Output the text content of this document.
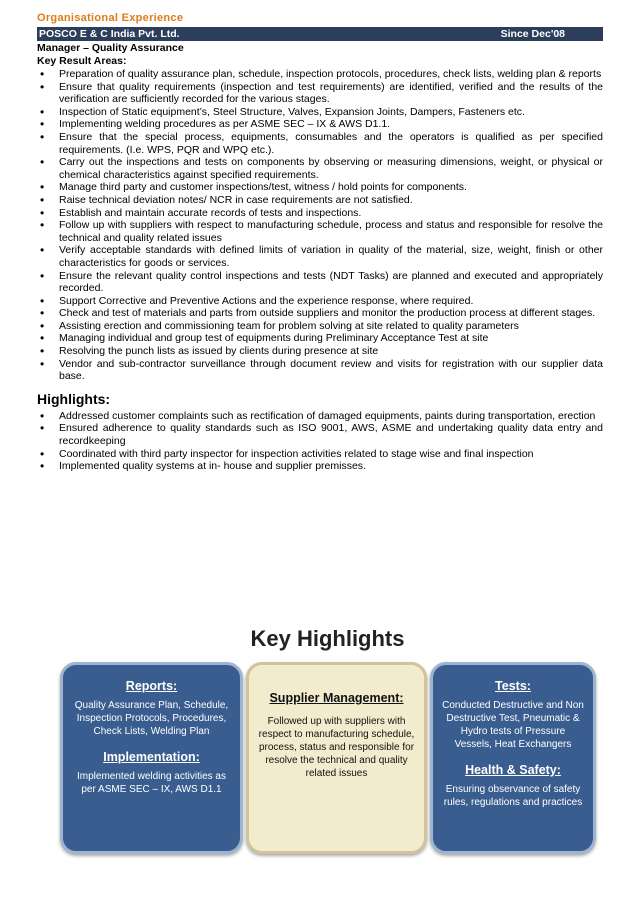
Organisational Experience
POSCO E & C India Pvt. Ltd.	Since Dec'08
Manager – Quality Assurance
Key Result Areas:
• Preparation of quality assurance plan, schedule, inspection protocols, procedures, check lists, welding plan & reports
• Ensure that quality requirements (inspection and test requirements) are identified, verified and the results of the verification are sufficiently recorded for the various stages.
• Inspection of Static equipment’s, Steel Structure, Valves, Expansion Joints, Dampers, Fasteners etc.
• Implementing welding procedures as per ASME SEC – IX & AWS D1.1.
• Ensure that the special process, equipments, consumables and the operators is qualified as per specified requirements. (I.e. WPS, PQR and WPQ etc.).
• Carry out the inspections and tests on components by observing or measuring dimensions, weight, or physical or chemical characteristics against specified requirements.
• Manage third party and customer inspections/test, witness / hold points for components.
• Raise technical deviation notes/ NCR in case requirements are not satisfied.
• Establish and maintain accurate records of tests and inspections.
• Follow up with suppliers with respect to manufacturing schedule, process and status and responsible for resolve the technical and quality related issues
• Verify acceptable standards with defined limits of variation in quality of the material, size, weight, finish or other characteristics for goods or services.
• Ensure the relevant quality control inspections and tests (NDT Tasks) are planned and executed and appropriately recorded.
• Support Corrective and Preventive Actions and the experience response, where required.
• Check and test of materials and parts from outside suppliers and monitor the production process at different stages.
• Assisting erection and commissioning team for problem solving at site related to quality parameters
• Managing individual and group test of equipments during Preliminary Acceptance Test at site
• Resolving the punch lists as issued by clients during presence at site
• Vendor and sub-contractor surveillance through document review and visits for registration with our supplier data base.
Highlights:
• Addressed customer complaints such as rectification of damaged equipments, paints during transportation, erection
• Ensured adherence to quality standards such as ISO 9001, AWS, ASME and undertaking quality data entry and recordkeeping
• Coordinated with third party inspector for inspection activities related to stage wise and final inspection
• Implemented quality systems at in- house and supplier premisses.
Key Highlights
Reports:
Quality Assurance Plan, Schedule, Inspection Protocols, Procedures, Check Lists, Welding Plan
Implementation:
Implemented welding activities as per ASME SEC – IX, AWS D1.1
Supplier Management:
Followed up with suppliers with respect to manufacturing schedule, process, status and responsible for resolve the technical and quality related issues
Tests:
Conducted Destructive and Non Destructive Test, Pneumatic & Hydro tests of Pressure Vessels, Heat Exchangers
Health & Safety:
Ensuring observance of safety rules, regulations and practices
